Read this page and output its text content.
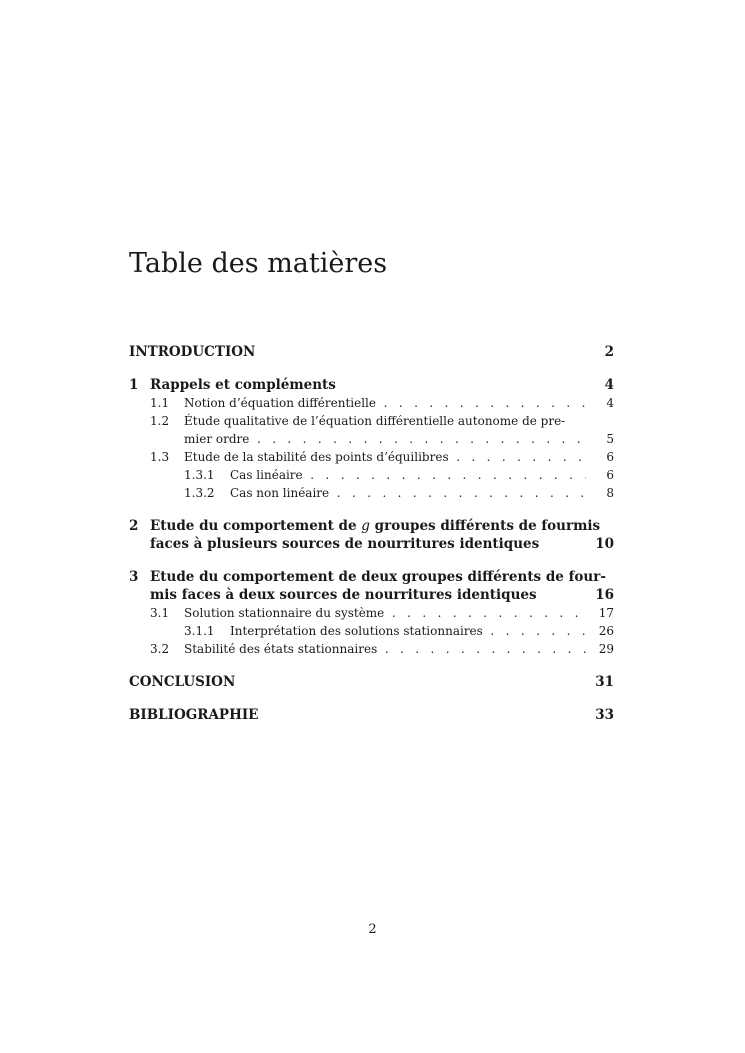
Table des matières
INTRODUCTION	2
1 Rappels et compléments	4
1.1	Notion d’équation différentielle . . .	4
1.2	Étude qualitative de l’équation différentielle autonome de pre-
mier ordre . . .	5
1.3	Etude de la stabilité des points d’équilibres . . .	6
1.3.1	Cas linéaire . . .	6
1.3.2	Cas non linéaire . . .	8
2 Etude du comportement de g groupes différents de fourmis
faces à plusieurs sources de nourritures identiques	10
3 Etude du comportement de deux groupes différents de four-
mis faces à deux sources de nourritures identiques	16
3.1	Solution stationnaire du système . . .	17
3.1.1	Interprétation des solutions stationnaires . . .	26
3.2	Stabilité des états stationnaires . . .	29
CONCLUSION	31
BIBLIOGRAPHIE	33
2
